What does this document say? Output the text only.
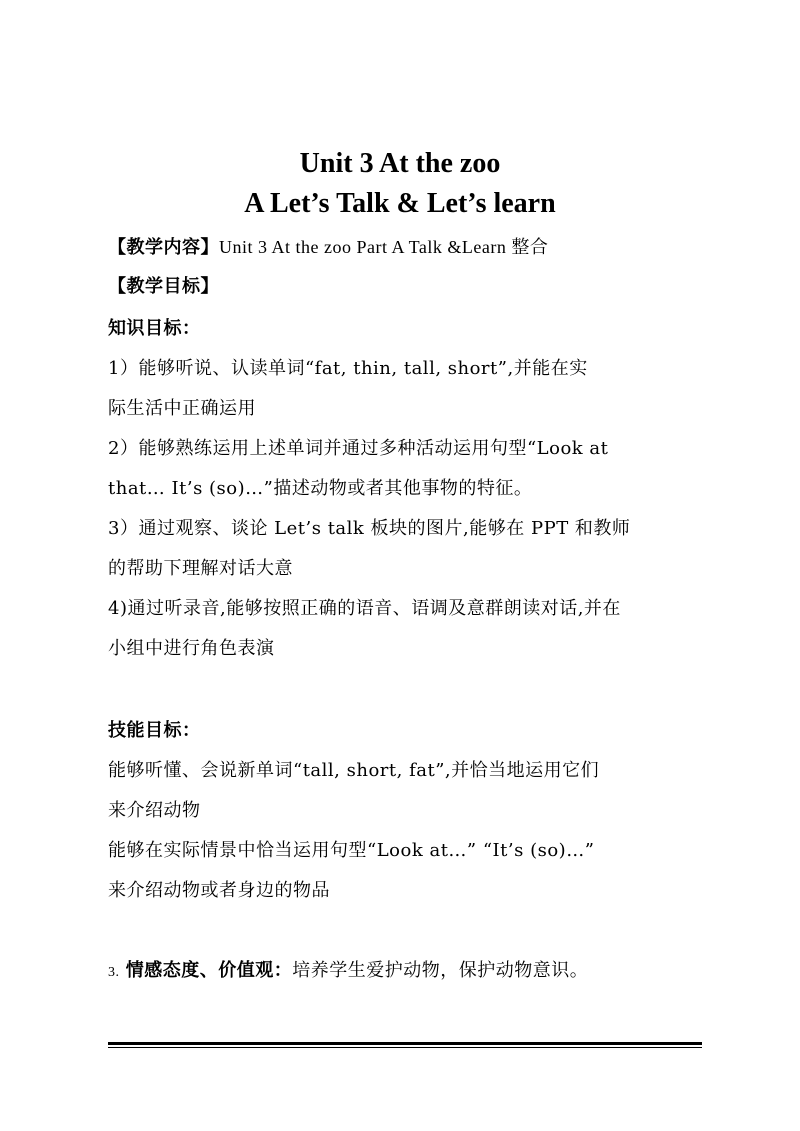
Unit 3 At the zoo
A Let’s Talk & Let’s learn
【教学内容】Unit 3 At the zoo Part A Talk &Learn 整合
【教学目标】
知识目标：
1）能够听说、认读单词“fat, thin, tall, short”,并能在实
际生活中正确运用
2）能够熟练运用上述单词并通过多种活动运用句型“Look at
that… It’s (so)…”描述动物或者其他事物的特征。
3）通过观察、谈论 Let’s talk 板块的图片,能够在 PPT 和教师
的帮助下理解对话大意
4)通过听录音,能够按照正确的语音、语调及意群朗读对话,并在
小组中进行角色表演
技能目标：
能够听懂、会说新单词“tall, short, fat”,并恰当地运用它们
来介绍动物
能够在实际情景中恰当运用句型“Look at…” “It’s (so)…”
来介绍动物或者身边的物品
3. 情感态度、价值观：培养学生爱护动物，保护动物意识。
